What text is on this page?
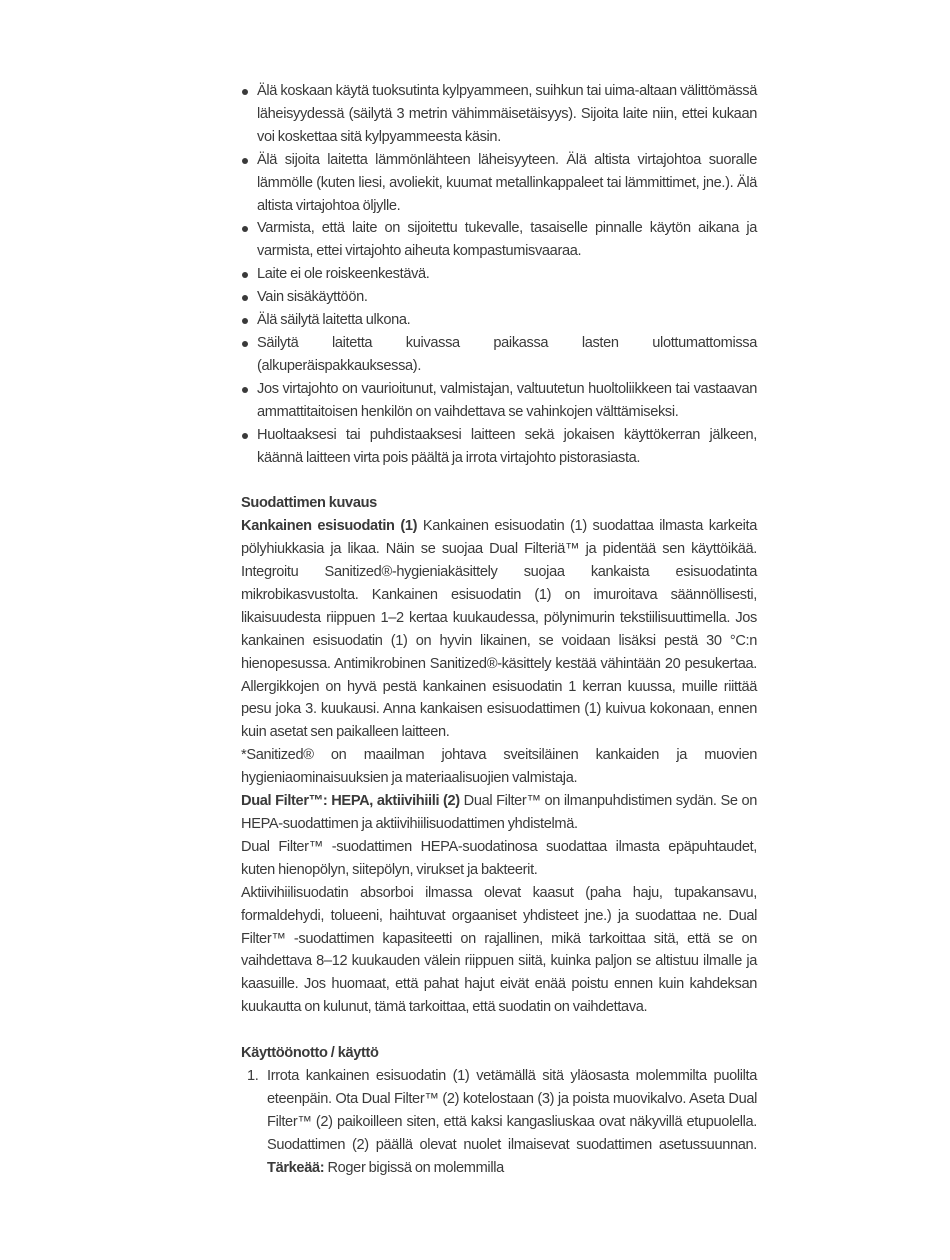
Älä koskaan käytä tuoksutinta kylpyammeen, suihkun tai uima-altaan välittömässä läheisyydessä (säilytä 3 metrin vähimmäisetäisyys). Sijoita laite niin, ettei kukaan voi koskettaa sitä kylpyammeesta käsin.
Älä sijoita laitetta lämmönlähteen läheisyyteen. Älä altista virtajohtoa suoralle lämmölle (kuten liesi, avoliekit, kuumat metallinkappaleet tai lämmittimet, jne.). Älä altista virtajohtoa öljylle.
Varmista, että laite on sijoitettu tukevalle, tasaiselle pinnalle käytön aikana ja varmista, ettei virtajohto aiheuta kompastumisvaaraa.
Laite ei ole roiskeenkestävä.
Vain sisäkäyttöön.
Älä säilytä laitetta ulkona.
Säilytä laitetta kuivassa paikassa lasten ulottumattomissa (alkuperäispakkauksessa).
Jos virtajohto on vaurioitunut, valmistajan, valtuutetun huoltoliikkeen tai vastaavan ammattitaitoisen henkilön on vaihdettava se vahinkojen välttämiseksi.
Huoltaaksesi tai puhdistaaksesi laitteen sekä jokaisen käyttökerran jälkeen, käännä laitteen virta pois päältä ja irrota virtajohto pistorasiasta.
Suodattimen kuvaus

Kankainen esisuodatin (1) Kankainen esisuodatin (1) suodattaa ilmasta karkeita pölyhiukkasia ja likaa. Näin se suojaa Dual Filteriä™ ja pidentää sen käyttöikää. Integroitu Sanitized®-hygieniakäsittely suojaa kankaista esisuodatinta mikrobikasvustolta. Kankainen esisuodatin (1) on imuroitava säännöllisesti, likaisuudesta riippuen 1–2 kertaa kuukaudessa, pölynimurin tekstiilisuuttimella. Jos kankainen esisuodatin (1) on hyvin likainen, se voidaan lisäksi pestä 30 °C:n hienopesussa. Antimikrobinen Sanitized®-käsittely kestää vähintään 20 pesukertaa. Allergikkojen on hyvä pestä kankainen esisuodatin 1 kerran kuussa, muille riittää pesu joka 3. kuukausi. Anna kankaisen esisuodattimen (1) kuivua kokonaan, ennen kuin asetat sen paikalleen laitteen.

*Sanitized® on maailman johtava sveitsiläinen kankaiden ja muovien hygieniaominaisuuksien ja materiaalisuojien valmistaja.

Dual Filter™: HEPA, aktiivihiili (2) Dual Filter™ on ilmanpuhdistimen sydän. Se on HEPA-suodattimen ja aktiivihiilisuodattimen yhdistelmä.

Dual Filter™ -suodattimen HEPA-suodatinosa suodattaa ilmasta epäpuhtaudet, kuten hienopölyn, siitepölyn, virukset ja bakteerit.

Aktiivihiilisuodatin absorboi ilmassa olevat kaasut (paha haju, tupakansavu, formaldehydi, tolueeni, haihtuvat orgaaniset yhdisteet jne.) ja suodattaa ne. Dual Filter™ -suodattimen kapasiteetti on rajallinen, mikä tarkoittaa sitä, että se on vaihdettava 8–12 kuukauden välein riippuen siitä, kuinka paljon se altistuu ilmalle ja kaasuille. Jos huomaat, että pahat hajut eivät enää poistu ennen kuin kahdeksan kuukautta on kulunut, tämä tarkoittaa, että suodatin on vaihdettava.

Käyttöönotto / käyttö
1. Irrota kankainen esisuodatin (1) vetämällä sitä yläosasta molemmilta puolilta eteenpäin. Ota Dual Filter™ (2) kotelostaan (3) ja poista muovikalvo. Aseta Dual Filter™ (2) paikoilleen siten, että kaksi kangasliuskaa ovat näkyvillä etupuolella. Suodattimen (2) päällä olevat nuolet ilmaisevat suodattimen asetussuunnan. Tärkeää: Roger bigissä on molemmilla
